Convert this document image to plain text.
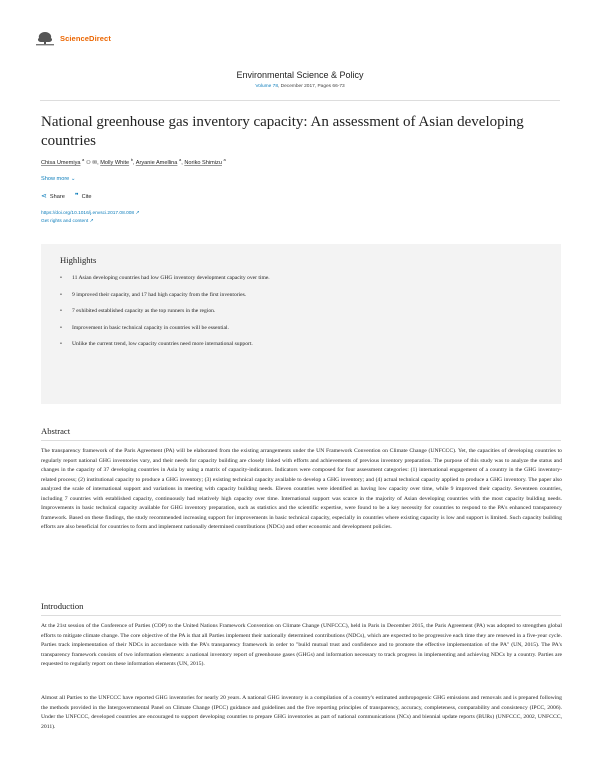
ScienceDirect
Environmental Science & Policy
Volume 78, December 2017, Pages 66-73
National greenhouse gas inventory capacity: An assessment of Asian developing countries
Chisa Umemiya $^a$ ⚇ ✉, Molly White $^b$, Aryanie Amellina $^a$, Noriko Shimizu $^a$
Show more ⌄
⋖ Share ❞ Cite
https://doi.org/10.1016/j.envsci.2017.08.008 ↗
Get rights and content ↗
Highlights
•	11 Asian developing countries had low GHG inventory development capacity over time.
•	9 improved their capacity, and 17 had high capacity from the first inventories.
•	7 exhibited established capacity as the top runners in the region.
•	Improvement in basic technical capacity in countries will be essential.
•	Unlike the current trend, low capacity countries need more international support.
Abstract

The transparency framework of the Paris Agreement (PA) will be elaborated from the existing arrangements under the UN Framework Convention on Climate Change (UNFCCC). Yet, the capacities of developing countries to regularly report national GHG inventories vary, and their needs for capacity building are closely linked with efforts and achievements of previous inventory preparation. The purpose of this study was to analyze the status and changes in the capacity of 37 developing countries in Asia by using a matrix of capacity-indicators. Indicators were composed for four assessment categories: (1) international engagement of a country in the GHG inventory-related process; (2) institutional capacity to produce a GHG inventory; (3) existing technical capacity available to develop a GHG inventory; and (4) actual technical capacity applied to produce a GHG inventory. The paper also analyzed the scale of international support and variations in meeting with capacity building needs. Eleven countries were identified as having low capacity over time, while 9 improved their capacity. Seventeen countries, including 7 countries with established capacity, continuously had relatively high capacity over time. International support was scarce in the majority of Asian developing countries with the most capacity building needs. Improvements in basic technical capacity available for GHG inventory preparation, such as statistics and the scientific expertise, were found to be a key necessity for countries to respond to the PA's enhanced transparency framework. Based on these findings, the study recommended increasing support for improvements in basic technical capacity, especially in countries where existing capacity is low and support is limited. Such capacity building efforts are also beneficial for countries to form and implement nationally determined contributions (NDCs) and other economic and development policies.

Introduction

At the 21st session of the Conference of Parties (COP) to the United Nations Framework Convention on Climate Change (UNFCCC), held in Paris in December 2015, the Paris Agreement (PA) was adopted to strengthen global efforts to mitigate climate change. The core objective of the PA is that all Parties implement their nationally determined contributions (NDCs), which are expected to be progressive each time they are renewed in a five-year cycle. Parties track implementation of their NDCs in accordance with the PA's transparency framework in order to "build mutual trust and confidence and to promote the effective implementation of the PA" (UN, 2015). The PA's transparency framework consists of two information elements: a national inventory report of greenhouse gases (GHGs) and information necessary to track progress in implementing and achieving NDCs by a country. Parties are requested to regularly report on these information elements (UN, 2015).

Almost all Parties to the UNFCCC have reported GHG inventories for nearly 20 years. A national GHG inventory is a compilation of a country's estimated anthropogenic GHG emissions and removals and is prepared following the methods provided in the Intergovernmental Panel on Climate Change (IPCC) guidance and guidelines and the five reporting principles of transparency, accuracy, completeness, comparability and consistency (IPCC, 2006). Under the UNFCCC, developed countries are encouraged to support developing countries to prepare GHG inventories as part of national communications (NCs) and biennial update reports (BURs) (UNFCCC, 2002, UNFCCC, 2011).
